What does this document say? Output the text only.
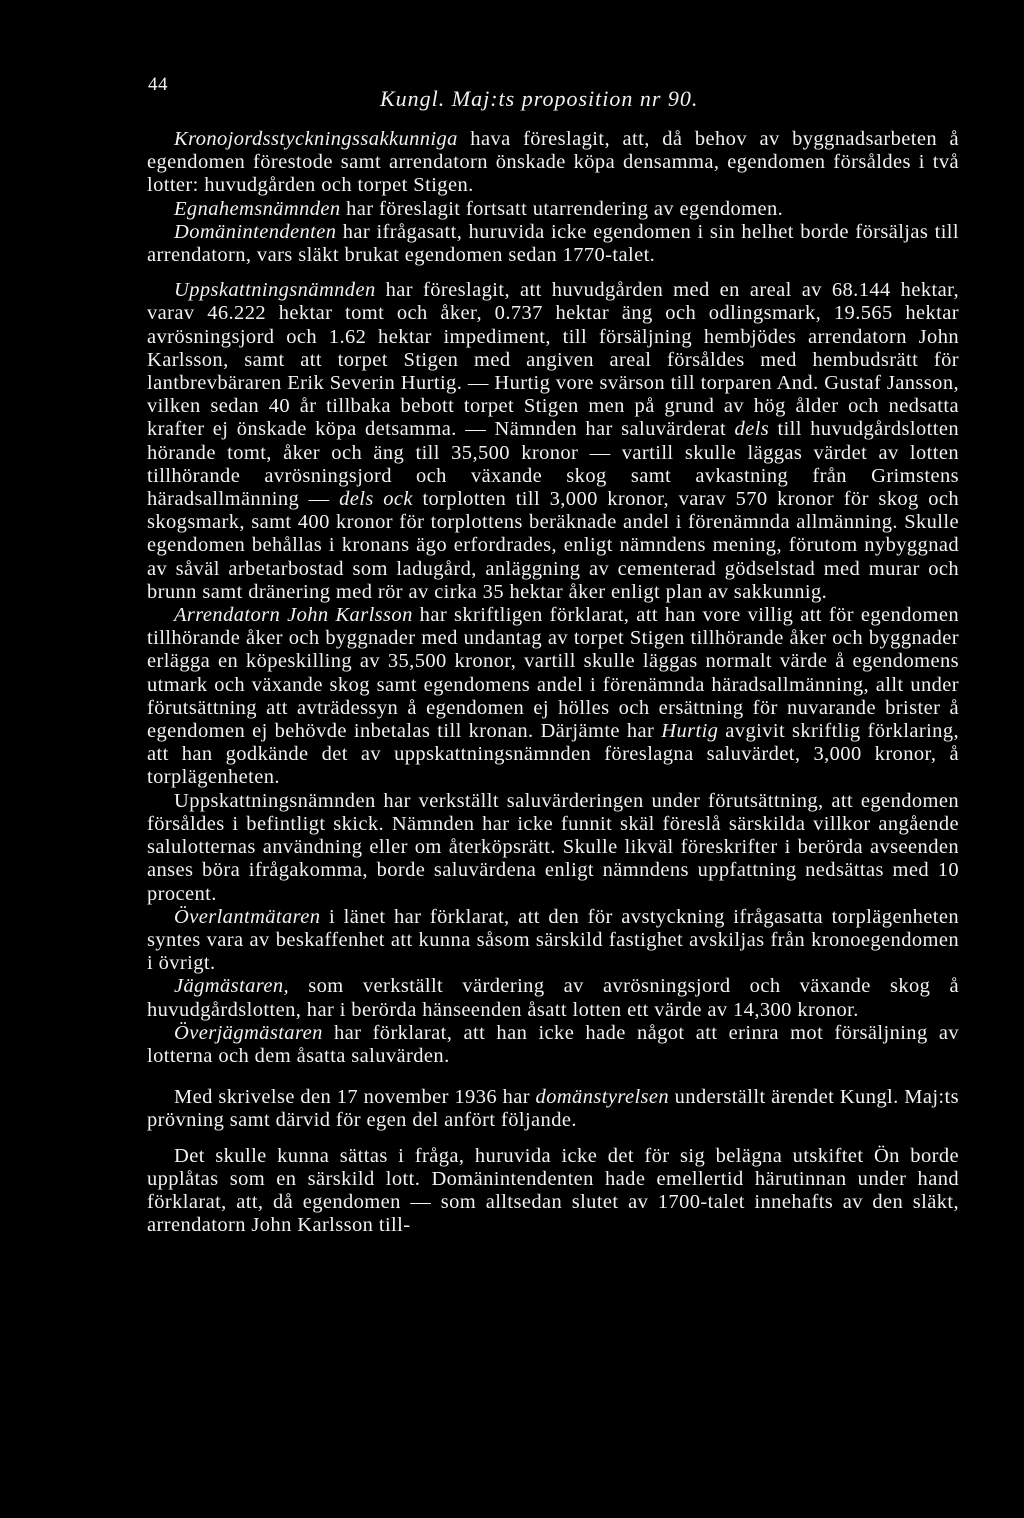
44
Kungl. Maj:ts proposition nr 90.

Kronojordsstyckningssakkunniga hava föreslagit, att, då behov av byggnadsarbeten å egendomen förestode samt arrendatorn önskade köpa densamma, egendomen försåldes i två lotter: huvudgården och torpet Stigen.

Egnahemsnämnden har föreslagit fortsatt utarrendering av egendomen.

Domänintendenten har ifrågasatt, huruvida icke egendomen i sin helhet borde försäljas till arrendatorn, vars släkt brukat egendomen sedan 1770-talet.

Uppskattningsnämnden har föreslagit, att huvudgården med en areal av 68.144 hektar, varav 46.222 hektar tomt och åker, 0.737 hektar äng och odlingsmark, 19.565 hektar avrösningsjord och 1.62 hektar impediment, till försäljning hembjödes arrendatorn John Karlsson, samt att torpet Stigen med angiven areal försåldes med hembudsrätt för lantbrevbäraren Erik Severin Hurtig. — Hurtig vore svärson till torparen And. Gustaf Jansson, vilken sedan 40 år tillbaka bebott torpet Stigen men på grund av hög ålder och nedsatta krafter ej önskade köpa detsamma. — Nämnden har saluvärderat dels till huvudgårdslotten hörande tomt, åker och äng till 35,500 kronor — vartill skulle läggas värdet av lotten tillhörande avrösningsjord och växande skog samt avkastning från Grimstens häradsallmänning — dels ock torplotten till 3,000 kronor, varav 570 kronor för skog och skogsmark, samt 400 kronor för torplottens beräknade andel i förenämnda allmänning. Skulle egendomen behållas i kronans ägo erfordrades, enligt nämndens mening, förutom nybyggnad av såväl arbetarbostad som ladugård, anläggning av cementerad gödselstad med murar och brunn samt dränering med rör av cirka 35 hektar åker enligt plan av sakkunnig.

Arrendatorn John Karlsson har skriftligen förklarat, att han vore villig att för egendomen tillhörande åker och byggnader med undantag av torpet Stigen tillhörande åker och byggnader erlägga en köpeskilling av 35,500 kronor, vartill skulle läggas normalt värde å egendomens utmark och växande skog samt egendomens andel i förenämnda häradsallmänning, allt under förutsättning att avträdessyn å egendomen ej hölles och ersättning för nuvarande brister å egendomen ej behövde inbetalas till kronan. Därjämte har Hurtig avgivit skriftlig förklaring, att han godkände det av uppskattningsnämnden föreslagna saluvärdet, 3,000 kronor, å torplägenheten.

Uppskattningsnämnden har verkställt saluvärderingen under förutsättning, att egendomen försåldes i befintligt skick. Nämnden har icke funnit skäl föreslå särskilda villkor angående salulotternas användning eller om återköpsrätt. Skulle likväl föreskrifter i berörda avseenden anses böra ifrågakomma, borde saluvärdena enligt nämndens uppfattning nedsättas med 10 procent.

Överlantmätaren i länet har förklarat, att den för avstyckning ifrågasatta torplägenheten syntes vara av beskaffenhet att kunna såsom särskild fastighet avskiljas från kronoegendomen i övrigt.

Jägmästaren, som verkställt värdering av avrösningsjord och växande skog å huvudgårdslotten, har i berörda hänseenden åsatt lotten ett värde av 14,300 kronor.

Överjägmästaren har förklarat, att han icke hade något att erinra mot försäljning av lotterna och dem åsatta saluvärden.

Med skrivelse den 17 november 1936 har domänstyrelsen underställt ärendet Kungl. Maj:ts prövning samt därvid för egen del anfört följande.

Det skulle kunna sättas i fråga, huruvida icke det för sig belägna utskiftet Ön borde upplåtas som en särskild lott. Domänintendenten hade emellertid härutinnan under hand förklarat, att, då egendomen — som alltsedan slutet av 1700-talet innehafts av den släkt, arrendatorn John Karlsson till-
